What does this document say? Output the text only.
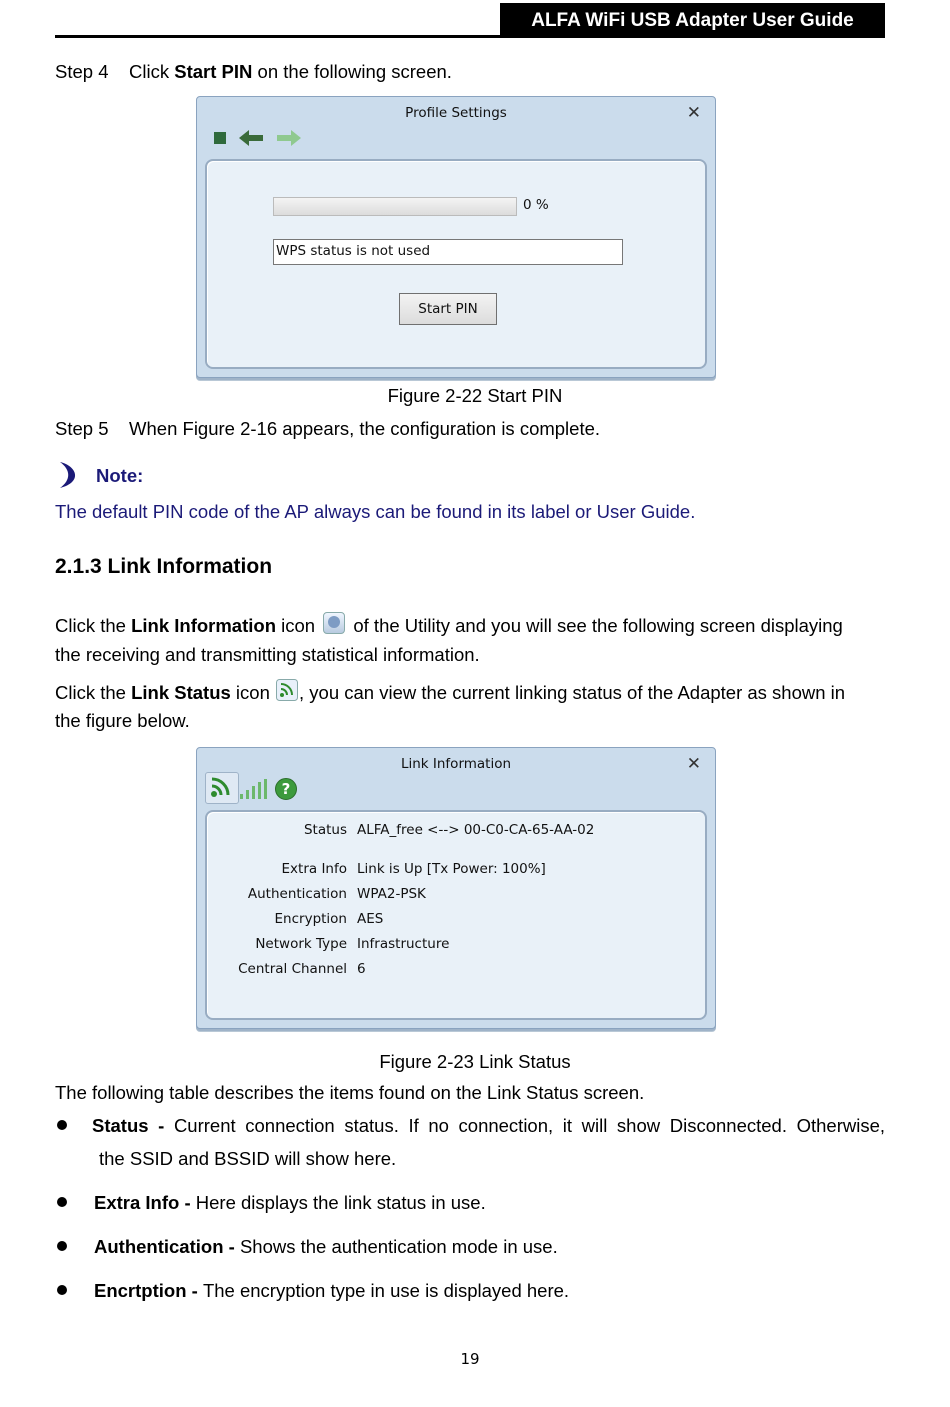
ALFA WiFi USB Adapter User Guide
Step 4    Click Start PIN on the following screen.
Profile Settings	✕
0 %
WPS status is not used
Start PIN
Figure 2-22 Start PIN
Step 5    When Figure 2-16 appears, the configuration is complete.
Note:
The default PIN code of the AP always can be found in its label or User Guide.
2.1.3 Link Information
Click the Link Information icon
of the Utility and you will see the following screen displaying
the receiving and transmitting statistical information.
Click the Link Status icon , you can view the current linking status of the Adapter as shown in
the figure below.
Link Information	✕
?
Status ALFA_free <--> 00-C0-CA-65-AA-02
Extra Info Link is Up [Tx Power: 100%]
Authentication WPA2-PSK
Encryption AES
Network Type Infrastructure
Central Channel 6
Figure 2-23 Link Status
The following table describes the items found on the Link Status screen.
Status - Current connection status. If no connection, it will show Disconnected. Otherwise,
the SSID and BSSID will show here.
Extra Info - Here displays the link status in use.
Authentication - Shows the authentication mode in use.
Encrtption - The encryption type in use is displayed here.
19
